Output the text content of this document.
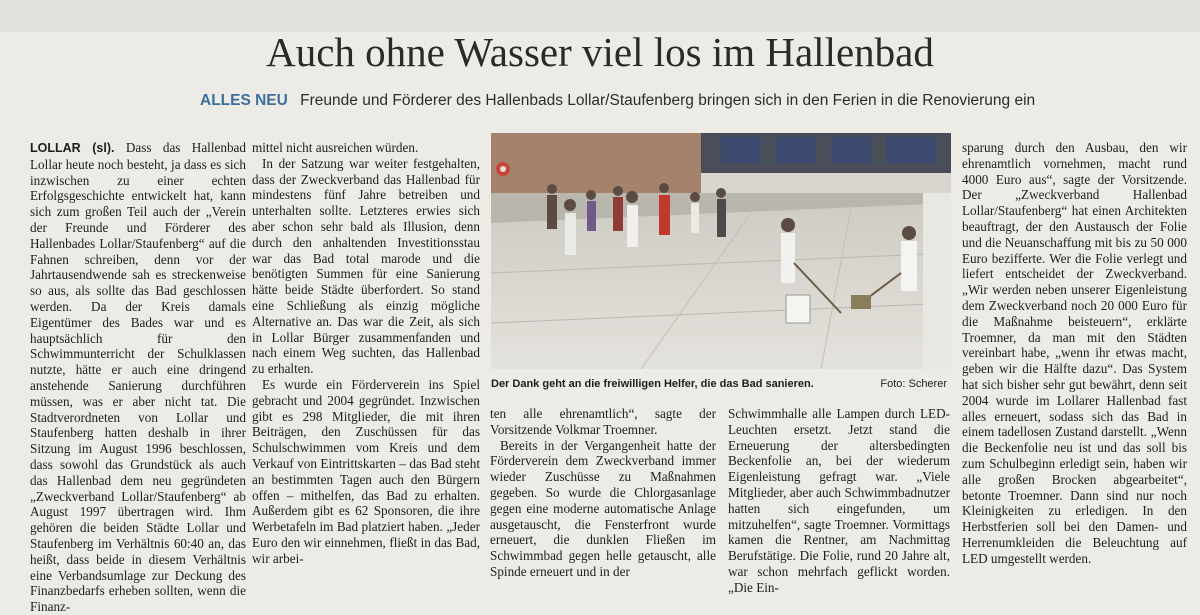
Auch ohne Wasser viel los im Hallenbad
ALLES NEU Freunde und Förderer des Hallenbads Lollar/Staufenberg bringen sich in den Ferien in die Renovierung ein

LOLLAR (sl). Dass das Hallenbad Lollar heute noch besteht, ja dass es sich inzwischen zu einer echten Erfolgsgeschichte entwickelt hat, kann sich zum großen Teil auch der „Verein der Freunde und Förderer des Hallenbades Lollar/Staufenberg“ auf die Fahnen schreiben, denn vor der Jahrtausendwende sah es streckenweise so aus, als sollte das Bad geschlossen werden. Da der Kreis damals Eigentümer des Bades war und es hauptsächlich für den Schwimmunterricht der Schulklassen nutzte, hätte er auch eine dringend anstehende Sanierung durchführen müssen, was er aber nicht tat. Die Stadtverordneten von Lollar und Staufenberg hatten deshalb in ihrer Sitzung im August 1996 beschlossen, dass sowohl das Grundstück als auch das Hallenbad dem neu gegründeten „Zweckverband Lollar/Staufenberg“ ab August 1997 übertragen wird. Ihm gehören die beiden Städte Lollar und Staufenberg im Verhältnis 60:40 an, das heißt, dass beide in diesem Verhältnis eine Verbandsumlage zur Deckung des Finanzbedarfs erheben sollten, wenn die Finanz-

mittel nicht ausreichen würden.

In der Satzung war weiter festgehalten, dass der Zweckverband das Hallenbad für mindestens fünf Jahre betreiben und unterhalten sollte. Letzteres erwies sich aber schon sehr bald als Illusion, denn durch den anhaltenden Investitionsstau war das Bad total marode und die benötigten Summen für eine Sanierung hätte beide Städte überfordert. So stand eine Schließung als einzig mögliche Alternative an. Das war die Zeit, als sich in Lollar Bürger zusammenfanden und nach einem Weg suchten, das Hallenbad zu erhalten.

Es wurde ein Förderverein ins Spiel gebracht und 2004 gegründet. Inzwischen gibt es 298 Mitglieder, die mit ihren Beiträgen, den Zuschüssen für das Schulschwimmen vom Kreis und dem Verkauf von Eintrittskarten – das Bad steht an bestimmten Tagen auch den Bürgern offen – mithelfen, das Bad zu erhalten. Außerdem gibt es 62 Sponsoren, die ihre Werbetafeln im Bad platziert haben. „Jeder Euro den wir einnehmen, fließt in das Bad, wir arbei-

Der Dank geht an die freiwilligen Helfer, die das Bad sanieren.	Foto: Scherer

ten alle ehrenamtlich“, sagte der Vorsitzende Volkmar Troemner.

Bereits in der Vergangenheit hatte der Förderverein dem Zweckverband immer wieder Zuschüsse zu Maßnahmen gegeben. So wurde die Chlorgasanlage gegen eine moderne automatische Anlage ausgetauscht, die Fensterfront wurde erneuert, die dunklen Fließen im Schwimmbad gegen helle getauscht, alle Spinde erneuert und in der

Schwimmhalle alle Lampen durch LED-Leuchten ersetzt. Jetzt stand die Erneuerung der altersbedingten Beckenfolie an, bei der wiederum Eigenleistung gefragt war. „Viele Mitglieder, aber auch Schwimmbadnutzer hatten sich eingefunden, um mitzuhelfen“, sagte Troemner. Vormittags kamen die Rentner, am Nachmittag Berufstätige. Die Folie, rund 20 Jahre alt, war schon mehrfach geflickt worden. „Die Ein-

sparung durch den Ausbau, den wir ehrenamtlich vornehmen, macht rund 4000 Euro aus“, sagte der Vorsitzende. Der „Zweckverband Hallenbad Lollar/Staufenberg“ hat einen Architekten beauftragt, der den Austausch der Folie und die Neuanschaffung mit bis zu 50 000 Euro bezifferte. Wer die Folie verlegt und liefert entscheidet der Zweckverband. „Wir werden neben unserer Eigenleistung dem Zweckverband noch 20 000 Euro für die Maßnahme beisteuern“, erklärte Troemner, da man mit den Städten vereinbart habe, „wenn ihr etwas macht, geben wir die Hälfte dazu“. Das System hat sich bisher sehr gut bewährt, denn seit 2004 wurde im Lollarer Hallenbad fast alles erneuert, sodass sich das Bad in einem tadellosen Zustand darstellt. „Wenn die Beckenfolie neu ist und das soll bis zum Schulbeginn erledigt sein, haben wir alle großen Brocken abgearbeitet“, betonte Troemner. Dann sind nur noch Kleinigkeiten zu erledigen. In den Herbstferien soll bei den Damen- und Herrenumkleiden die Beleuchtung auf LED umgestellt werden.
